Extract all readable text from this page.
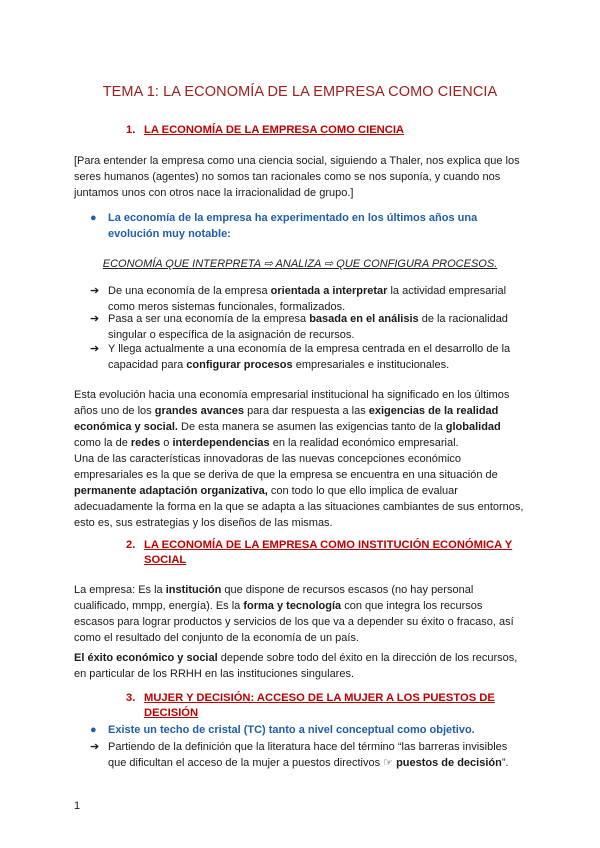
TEMA 1: LA ECONOMÍA DE LA EMPRESA COMO CIENCIA
1. LA ECONOMÍA DE LA EMPRESA COMO CIENCIA
[Para entender la empresa como una ciencia social, siguiendo a Thaler, nos explica que los
seres humanos (agentes) no somos tan racionales como se nos suponía, y cuando nos
juntamos unos con otros nace la irracionalidad de grupo.]
● La economía de la empresa ha experimentado en los últimos años una
evolución muy notable:
ECONOMÍA QUE INTERPRETA ⇨ ANALIZA ⇨ QUE CONFIGURA PROCESOS.
➔ De una economía de la empresa orientada a interpretar la actividad empresarial
como meros sistemas funcionales, formalizados.
➔ Pasa a ser una economía de la empresa basada en el análisis de la racionalidad
singular o específica de la asignación de recursos.
➔ Y llega actualmente a una economía de la empresa centrada en el desarrollo de la
capacidad para configurar procesos empresariales e institucionales.
Esta evolución hacia una economía empresarial institucional ha significado en los últimos
años uno de los grandes avances para dar respuesta a las exigencias de la realidad
económica y social. De esta manera se asumen las exigencias tanto de la globalidad
como la de redes o interdependencias en la realidad económico empresarial.
Una de las características innovadoras de las nuevas concepciones económico
empresariales es la que se deriva de que la empresa se encuentra en una situación de
permanente adaptación organizativa, con todo lo que ello implica de evaluar
adecuadamente la forma en la que se adapta a las situaciones cambiantes de sus entornos,
esto es, sus estrategias y los diseños de las mismas.
2. LA ECONOMÍA DE LA EMPRESA COMO INSTITUCIÓN ECONÓMICA Y
SOCIAL
La empresa: Es la institución que dispone de recursos escasos (no hay personal
cualificado, mmpp, energía). Es la forma y tecnología con que integra los recursos
escasos para lograr productos y servicios de los que va a depender su éxito o fracaso, así
como el resultado del conjunto de la economía de un país.
El éxito económico y social depende sobre todo del éxito en la dirección de los recursos,
en particular de los RRHH en las instituciones singulares.
3. MUJER Y DECISIÓN: ACCESO DE LA MUJER A LOS PUESTOS DE
DECISIÓN
● Existe un techo de cristal (TC) tanto a nivel conceptual como objetivo.
➔ Partiendo de la definición que la literatura hace del término “las barreras invisibles
que dificultan el acceso de la mujer a puestos directivos ☞ puestos de decisión”.
1
